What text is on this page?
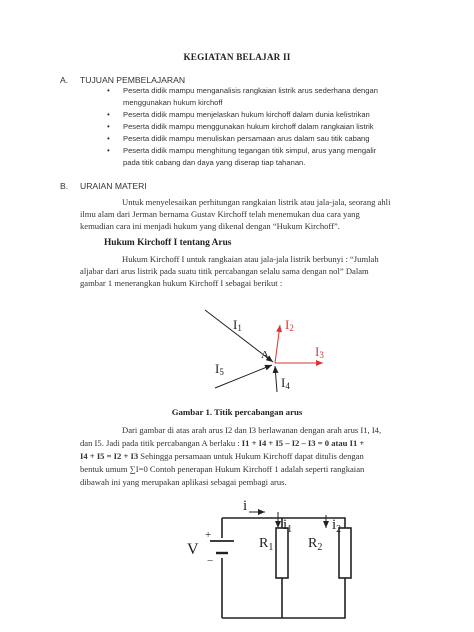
KEGIATAN BELAJAR II
A. TUJUAN PEMBELAJARAN
• Peserta didik mampu menganalisis rangkaian listrik arus sederhana dengan
menggunakan hukum kirchoff
• Peserta didik mampu menjelaskan hukum kirchoff dalam dunia kelistrikan
• Peserta didik mampu menggunakan hukum kirchoff dalam rangkaian listrik
• Peserta didik mampu menuliskan persamaan arus dalam sau titik cabang
• Peserta didik mampu menghitung tegangan titik simpul, arus yang mengalir
pada titik cabang dan daya yang diserap tiap tahanan.
B. URAIAN MATERI
Untuk menyelesaikan perhitungan rangkaian listrik atau jala-jala, seorang ahli
ilmu alam dari Jerman bernama Gustav Kirchoff telah menemukan dua cara yang
kemudian cara ini menjadi hukum yang dikenal dengan “Hukum Kirchoff”.
Hukum Kirchoff I tentang Arus
Hukum Kirchoff I untuk rangkaian atau jala-jala listrik berbunyi : “Jumlah
aljabar dari arus listrik pada suatu titik percabangan selalu sama dengan nol” Dalam
gambar 1 menerangkan hukum Kirchoff I sebagai berikut :
I1	I2
I3
I4
I5
A
Gambar 1. Titik percabangan arus
Dari gambar di atas arah arus I2 dan I3 berlawanan dengan arah arus I1, I4,
dan I5. Jadi pada titik percabangan A berlaku : I1 + I4 + I5 – I2 – I3 = 0 atau I1 +
I4 + I5 = I2 + I3 Sehingga persamaan untuk Hukum Kirchoff dapat ditulis dengan
bentuk umum ∑I=0 Contoh penerapan Hukum Kirchoff 1 adalah seperti rangkaian
dibawah ini yang merupakan aplikasi sebagai pembagi arus.
+
−
V
i
$i_1$	$i_2$
$R_1$ $R_2$
